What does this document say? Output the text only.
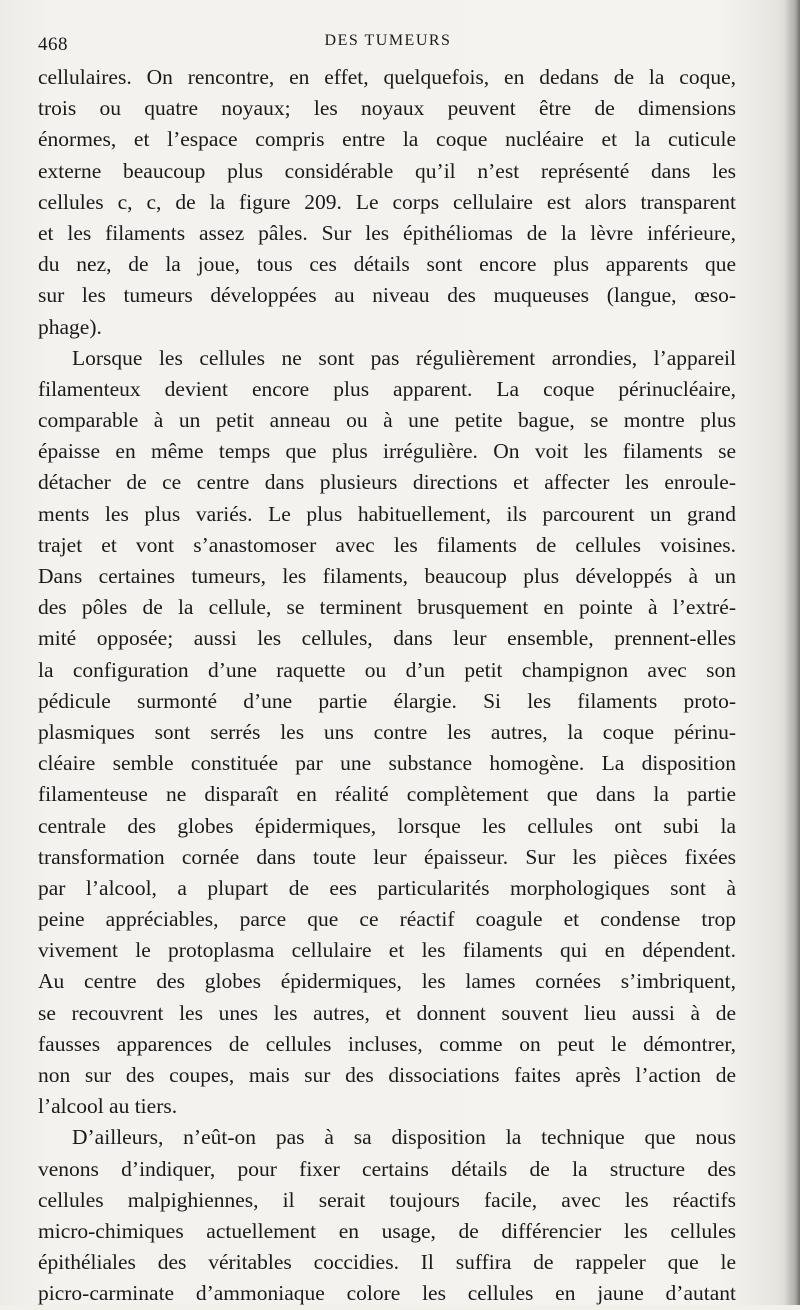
468	DES TUMEURS
cellulaires. On rencontre, en effet, quelquefois, en dedans de la coque,
trois ou quatre noyaux; les noyaux peuvent être de dimensions
énormes, et l’espace compris entre la coque nucléaire et la cuticule
externe beaucoup plus considérable qu’il n’est représenté dans les
cellules c, c, de la figure 209. Le corps cellulaire est alors transparent
et les filaments assez pâles. Sur les épithéliomas de la lèvre inférieure,
du nez, de la joue, tous ces détails sont encore plus apparents que
sur les tumeurs développées au niveau des muqueuses (langue, œso-
phage).
Lorsque les cellules ne sont pas régulièrement arrondies, l’appareil
filamenteux devient encore plus apparent. La coque périnucléaire,
comparable à un petit anneau ou à une petite bague, se montre plus
épaisse en même temps que plus irrégulière. On voit les filaments se
détacher de ce centre dans plusieurs directions et affecter les enroule-
ments les plus variés. Le plus habituellement, ils parcourent un grand
trajet et vont s’anastomoser avec les filaments de cellules voisines.
Dans certaines tumeurs, les filaments, beaucoup plus développés à un
des pôles de la cellule, se terminent brusquement en pointe à l’extré-
mité opposée; aussi les cellules, dans leur ensemble, prennent-elles
la configuration d’une raquette ou d’un petit champignon avec son
pédicule surmonté d’une partie élargie. Si les filaments proto-
plasmiques sont serrés les uns contre les autres, la coque périnu-
cléaire semble constituée par une substance homogène. La disposition
filamenteuse ne disparaît en réalité complètement que dans la partie
centrale des globes épidermiques, lorsque les cellules ont subi la
transformation cornée dans toute leur épaisseur. Sur les pièces fixées
par l’alcool, a plupart de ees particularités morphologiques sont à
peine appréciables, parce que ce réactif coagule et condense trop
vivement le protoplasma cellulaire et les filaments qui en dépendent.
Au centre des globes épidermiques, les lames cornées s’imbriquent,
se recouvrent les unes les autres, et donnent souvent lieu aussi à de
fausses apparences de cellules incluses, comme on peut le démontrer,
non sur des coupes, mais sur des dissociations faites après l’action de
l’alcool au tiers.
D’ailleurs, n’eût-on pas à sa disposition la technique que nous
venons d’indiquer, pour fixer certains détails de la structure des
cellules malpighiennes, il serait toujours facile, avec les réactifs
micro-chimiques actuellement en usage, de différencier les cellules
épithéliales des véritables coccidies. Il suffira de rappeler que le
picro-carminate d’ammoniaque colore les cellules en jaune d’autant
